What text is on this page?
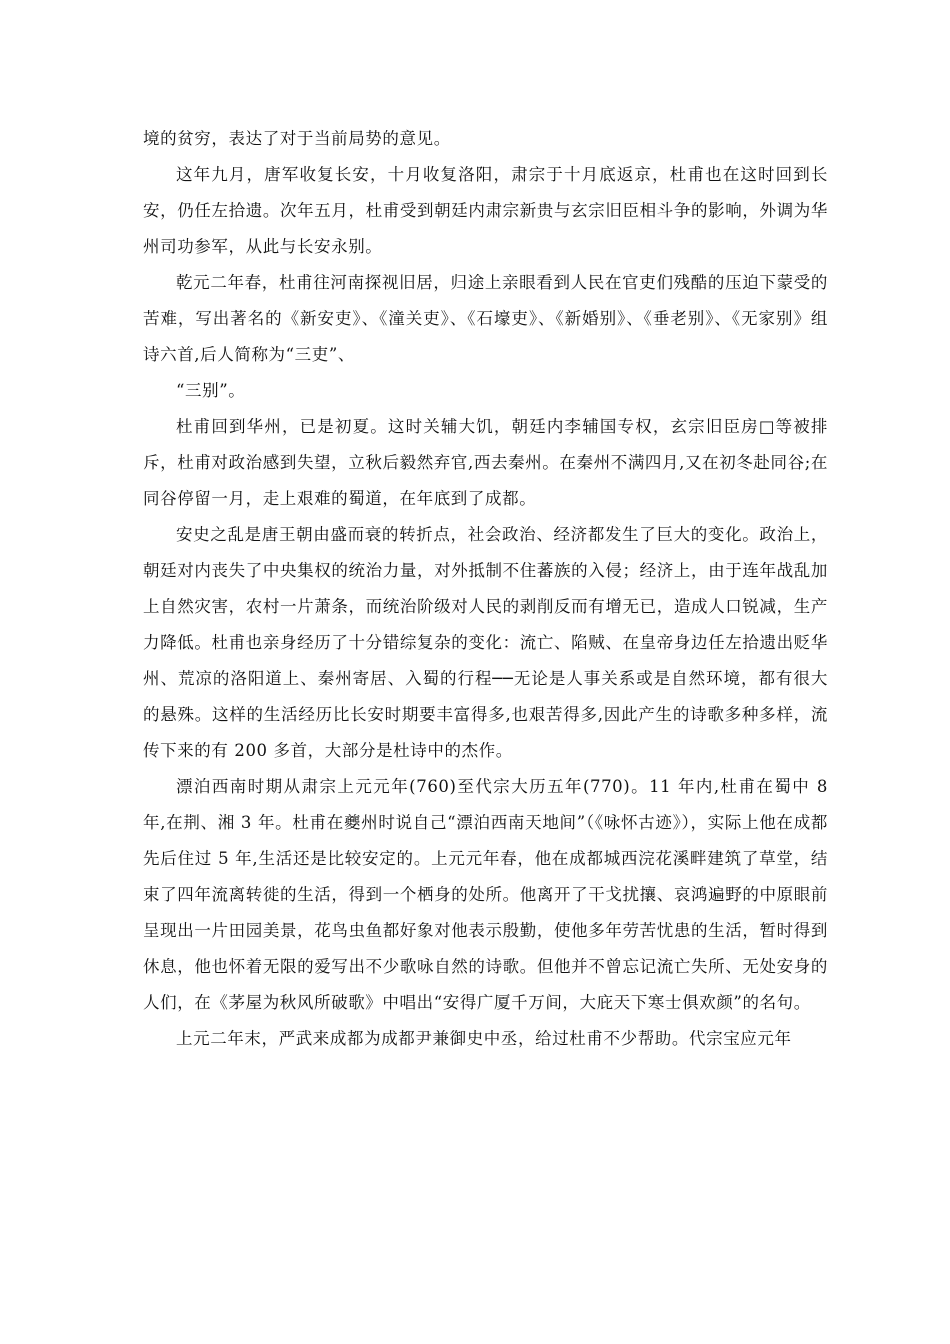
境的贫穷，表达了对于当前局势的意见。

这年九月，唐军收复长安，十月收复洛阳，肃宗于十月底返京，杜甫也在这时回到长安，仍任左拾遗。次年五月，杜甫受到朝廷内肃宗新贵与玄宗旧臣相斗争的影响，外调为华州司功参军，从此与长安永别。

乾元二年春，杜甫往河南探视旧居，归途上亲眼看到人民在官吏们残酷的压迫下蒙受的苦难，写出著名的《新安吏》、《潼关吏》、《石壕吏》、《新婚别》、《垂老别》、《无家别》组诗六首,后人简称为“三吏”、

“三别”。

杜甫回到华州，已是初夏。这时关辅大饥，朝廷内李辅国专权，玄宗旧臣房□等被排斥，杜甫对政治感到失望，立秋后毅然弃官,西去秦州。在秦州不满四月,又在初冬赴同谷;在同谷停留一月，走上艰难的蜀道，在年底到了成都。

安史之乱是唐王朝由盛而衰的转折点，社会政治、经济都发生了巨大的变化。政治上，朝廷对内丧失了中央集权的统治力量，对外抵制不住蕃族的入侵；经济上，由于连年战乱加上自然灾害，农村一片萧条，而统治阶级对人民的剥削反而有增无已，造成人口锐减，生产力降低。杜甫也亲身经历了十分错综复杂的变化：流亡、陷贼、在皇帝身边任左拾遗出贬华州、荒凉的洛阳道上、秦州寄居、入蜀的行程──无论是人事关系或是自然环境，都有很大的悬殊。这样的生活经历比长安时期要丰富得多,也艰苦得多,因此产生的诗歌多种多样，流传下来的有 200 多首，大部分是杜诗中的杰作。

漂泊西南时期从肃宗上元元年(760)至代宗大历五年(770)。11 年内,杜甫在蜀中 8 年,在荆、湘 3 年。杜甫在夔州时说自己“漂泊西南天地间”（《咏怀古迹》），实际上他在成都先后住过 5 年,生活还是比较安定的。上元元年春，他在成都城西浣花溪畔建筑了草堂，结束了四年流离转徙的生活，得到一个栖身的处所。他离开了干戈扰攘、哀鸿遍野的中原眼前呈现出一片田园美景，花鸟虫鱼都好象对他表示殷勤，使他多年劳苦忧患的生活，暂时得到休息，他也怀着无限的爱写出不少歌咏自然的诗歌。但他并不曾忘记流亡失所、无处安身的人们，在《茅屋为秋风所破歌》中唱出“安得广厦千万间，大庇天下寒士俱欢颜”的名句。

上元二年末，严武来成都为成都尹兼御史中丞，给过杜甫不少帮助。代宗宝应元年
